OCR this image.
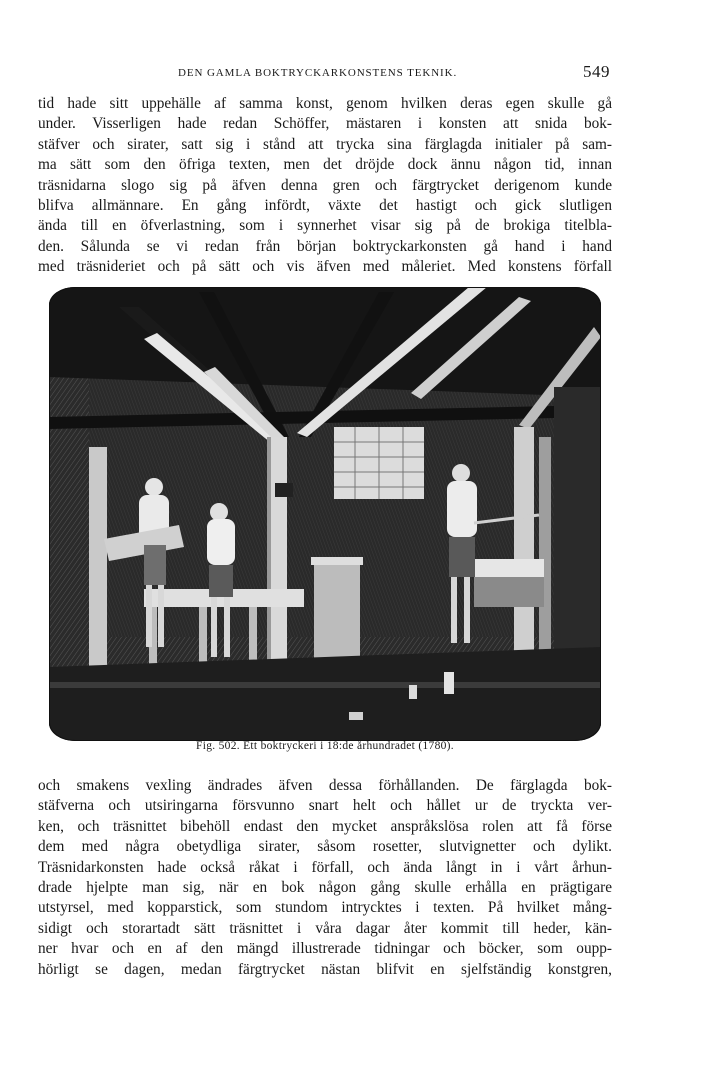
DEN GAMLA BOKTRYCKARKONSTENS TEKNIK.	549

tid hade sitt uppehälle af samma konst, genom hvilken deras egen skulle gå
under. Visserligen hade redan Schöffer, mästaren i konsten att snida bok-
stäfver och sirater, satt sig i stånd att trycka sina färglagda initialer på sam-
ma sätt som den öfriga texten, men det dröjde dock ännu någon tid, innan
träsnidarna slogo sig på äfven denna gren och färgtrycket derigenom kunde
blifva allmännare. En gång infördt, växte det hastigt och gick slutligen
ända till en öfverlastning, som i synnerhet visar sig på de brokiga titelbla-
den. Sålunda se vi redan från början boktryckarkonsten gå hand i hand
med träsnideriet och på sätt och vis äfven med måleriet. Med konstens förfall

Fig. 502. Ett boktryckeri i 18:de århundradet (1780).

och smakens vexling ändrades äfven dessa förhållanden. De färglagda bok-
stäfverna och utsiringarna försvunno snart helt och hållet ur de tryckta ver-
ken, och träsnittet bibehöll endast den mycket anspråkslösa rolen att få förse
dem med några obetydliga sirater, såsom rosetter, slutvignetter och dylikt.
Träsnidarkonsten hade också råkat i förfall, och ända långt in i vårt århun-
drade hjelpte man sig, när en bok någon gång skulle erhålla en prägtigare
utstyrsel, med kopparstick, som stundom intrycktes i texten. På hvilket mång-
sidigt och storartadt sätt träsnittet i våra dagar åter kommit till heder, kän-
ner hvar och en af den mängd illustrerade tidningar och böcker, som oupp-
hörligt se dagen, medan färgtrycket nästan blifvit en sjelfständig konstgren,
